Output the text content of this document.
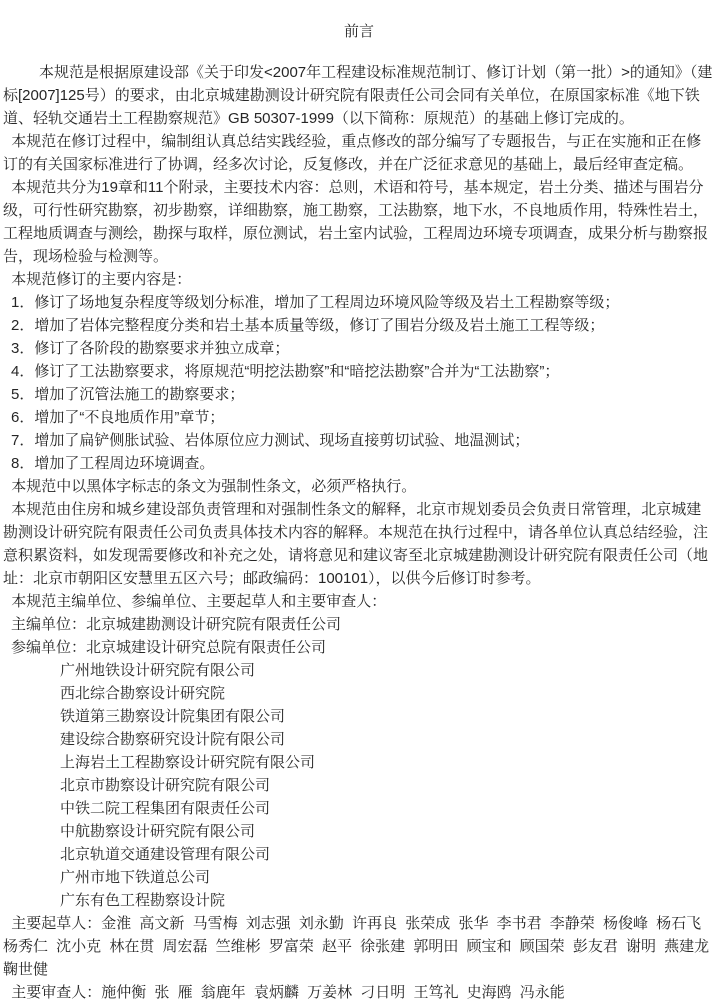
前言

本规范是根据原建设部《关于印发<2007年工程建设标准规范制订、修订计划（第一批）>的通知》（建标[2007]125号）的要求，由北京城建勘测设计研究院有限责任公司会同有关单位，在原国家标准《地下铁道、轻轨交通岩土工程勘察规范》GB 50307-1999（以下简称：原规范）的基础上修订完成的。

本规范在修订过程中，编制组认真总结实践经验，重点修改的部分编写了专题报告，与正在实施和正在修订的有关国家标准进行了协调，经多次讨论，反复修改，并在广泛征求意见的基础上，最后经审查定稿。

本规范共分为19章和11个附录，主要技术内容：总则，术语和符号，基本规定，岩土分类、描述与围岩分级，可行性研究勘察，初步勘察，详细勘察，施工勘察，工法勘察，地下水，不良地质作用，特殊性岩土，工程地质调查与测绘，勘探与取样，原位测试，岩土室内试验，工程周边环境专项调查，成果分析与勘察报告，现场检验与检测等。

本规范修订的主要内容是：

1．修订了场地复杂程度等级划分标准，增加了工程周边环境风险等级及岩土工程勘察等级；

2．增加了岩体完整程度分类和岩土基本质量等级，修订了围岩分级及岩土施工工程等级；

3．修订了各阶段的勘察要求并独立成章；

4．修订了工法勘察要求，将原规范“明挖法勘察”和“暗挖法勘察”合并为“工法勘察”；

5．增加了沉管法施工的勘察要求；

6．增加了“不良地质作用”章节；

7．增加了扁铲侧胀试验、岩体原位应力测试、现场直接剪切试验、地温测试；

8．增加了工程周边环境调查。

本规范中以黑体字标志的条文为强制性条文，必须严格执行。

本规范由住房和城乡建设部负责管理和对强制性条文的解释，北京市规划委员会负责日常管理，北京城建勘测设计研究院有限责任公司负责具体技术内容的解释。本规范在执行过程中，请各单位认真总结经验，注意积累资料，如发现需要修改和补充之处，请将意见和建议寄至北京城建勘测设计研究院有限责任公司（地址：北京市朝阳区安慧里五区六号；邮政编码：100101），以供今后修订时参考。

本规范主编单位、参编单位、主要起草人和主要审查人：

主编单位：北京城建勘测设计研究院有限责任公司

参编单位：北京城建设计研究总院有限责任公司

广州地铁设计研究院有限公司

西北综合勘察设计研究院

铁道第三勘察设计院集团有限公司

建设综合勘察研究设计院有限公司

上海岩土工程勘察设计研究院有限公司

北京市勘察设计研究院有限公司

中铁二院工程集团有限责任公司

中航勘察设计研究院有限公司

北京轨道交通建设管理有限公司

广州市地下铁道总公司

广东有色工程勘察设计院

主要起草人：金淮 高文新 马雪梅 刘志强 刘永勤 许再良 张荣成 张华 李书君 李静荣 杨俊峰 杨石飞 杨秀仁 沈小克 林在贯 周宏磊 竺维彬 罗富荣 赵平 徐张建 郭明田 顾宝和 顾国荣 彭友君 谢明 燕建龙 鞠世健

主要审查人：施仲衡 张 雁 翁鹿年 袁炳麟 万姜林 刁日明 王笃礼 史海鸥 冯永能
